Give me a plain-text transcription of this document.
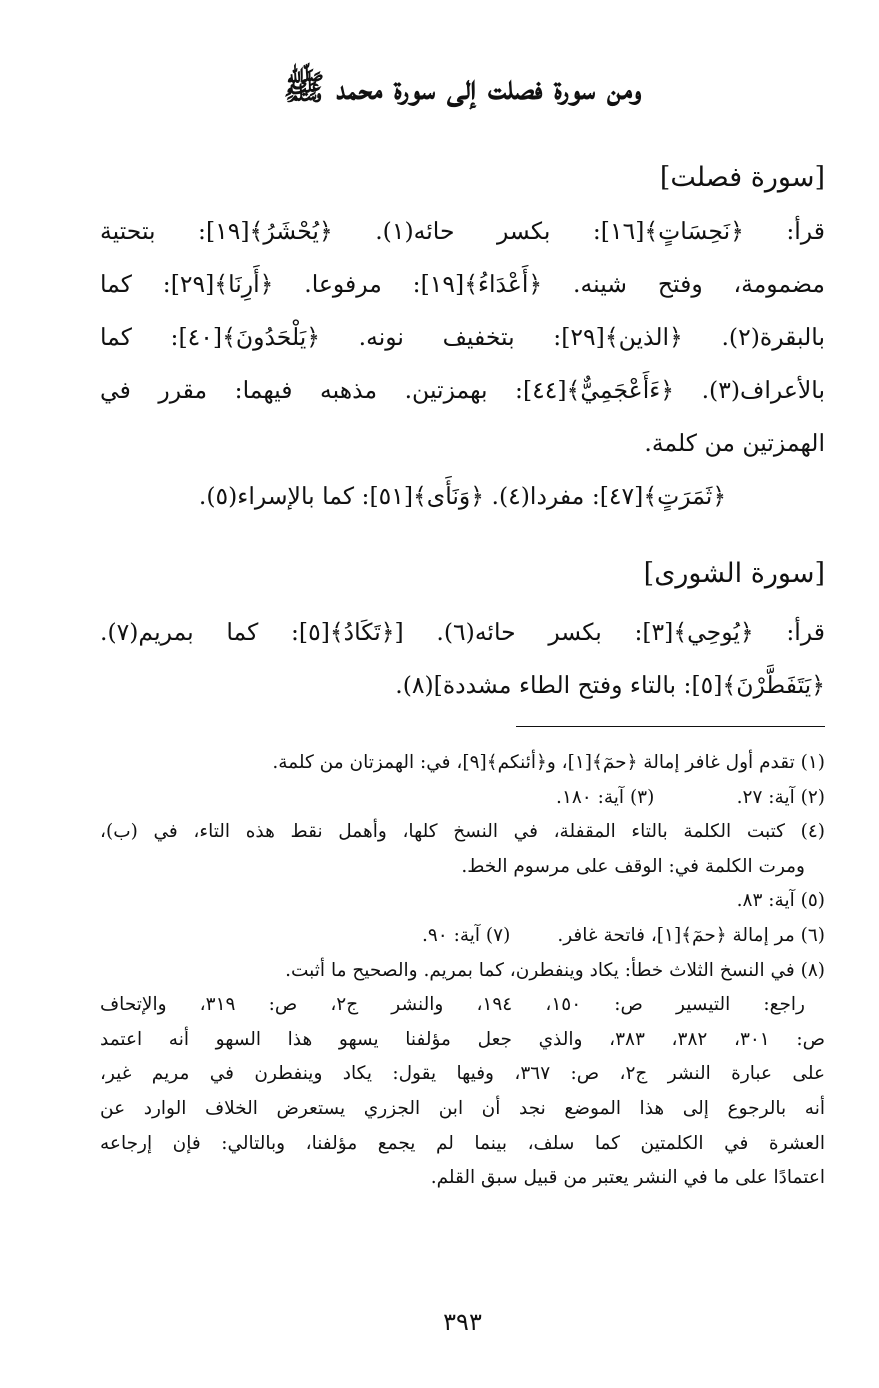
ومن سورة فصلت إلى سورة محمد ﷺ
[سورة فصلت]
قرأ: ﴿نَحِسَاتٍ﴾[١٦]: بكسر حائه(١). ﴿يُحْشَرُ﴾[١٩]: بتحتية
مضمومة، وفتح شينه. ﴿أَعْدَاءُ﴾[١٩]: مرفوعا. ﴿أَرِنَا﴾[٢٩]: كما
بالبقرة(٢). ﴿الذين﴾[٢٩]: بتخفيف نونه. ﴿يَلْحَدُونَ﴾[٤٠]: كما
بالأعراف(٣). ﴿ءَأَعْجَمِيٌّ﴾[٤٤]: بهمزتين. مذهبه فيهما: مقرر في
الهمزتين من كلمة.
﴿ثَمَرَتٍ﴾[٤٧]: مفردا(٤). ﴿وَنَأَى﴾[٥١]: كما بالإسراء(٥).
[سورة الشورى]
قرأ: ﴿يُوحِي﴾[٣]: بكسر حائه(٦). [﴿تَكَادُ﴾[٥]: كما بمريم(٧).
﴿يَتَفَطَّرْنَ﴾[٥]: بالتاء وفتح الطاء مشددة](٨).
(١) تقدم أول غافر إمالة ﴿حمٓ﴾[١]، و﴿أئنكم﴾[٩]، في: الهمزتان من كلمة.
(٢) آية: ٢٧.              (٣) آية: ١٨٠.
(٤) كتبت الكلمة بالتاء المقفلة، في النسخ كلها، وأهمل نقط هذه التاء، في (ب)،
ومرت الكلمة في: الوقف على مرسوم الخط.
(٥) آية: ٨٣.
(٦) مر إمالة ﴿حمٓ﴾[١]، فاتحة غافر.        (٧) آية: ٩٠.
(٨) في النسخ الثلاث خطأ: يكاد وينفطرن، كما بمريم. والصحيح ما أثبت.
راجع: التيسير ص: ١٥٠، ١٩٤، والنشر ج٢، ص: ٣١٩، والإتحاف
ص: ٣٠١، ٣٨٢، ٣٨٣، والذي جعل مؤلفنا يسهو هذا السهو أنه اعتمد
على عبارة النشر ج٢، ص: ٣٦٧، وفيها يقول: يكاد وينفطرن في مريم غير،
أنه بالرجوع إلى هذا الموضع نجد أن ابن الجزري يستعرض الخلاف الوارد عن
العشرة في الكلمتين كما سلف، بينما لم يجمع مؤلفنا، وبالتالي: فإن إرجاعه
اعتمادًا على ما في النشر يعتبر من قبيل سبق القلم.
٣٩٣
